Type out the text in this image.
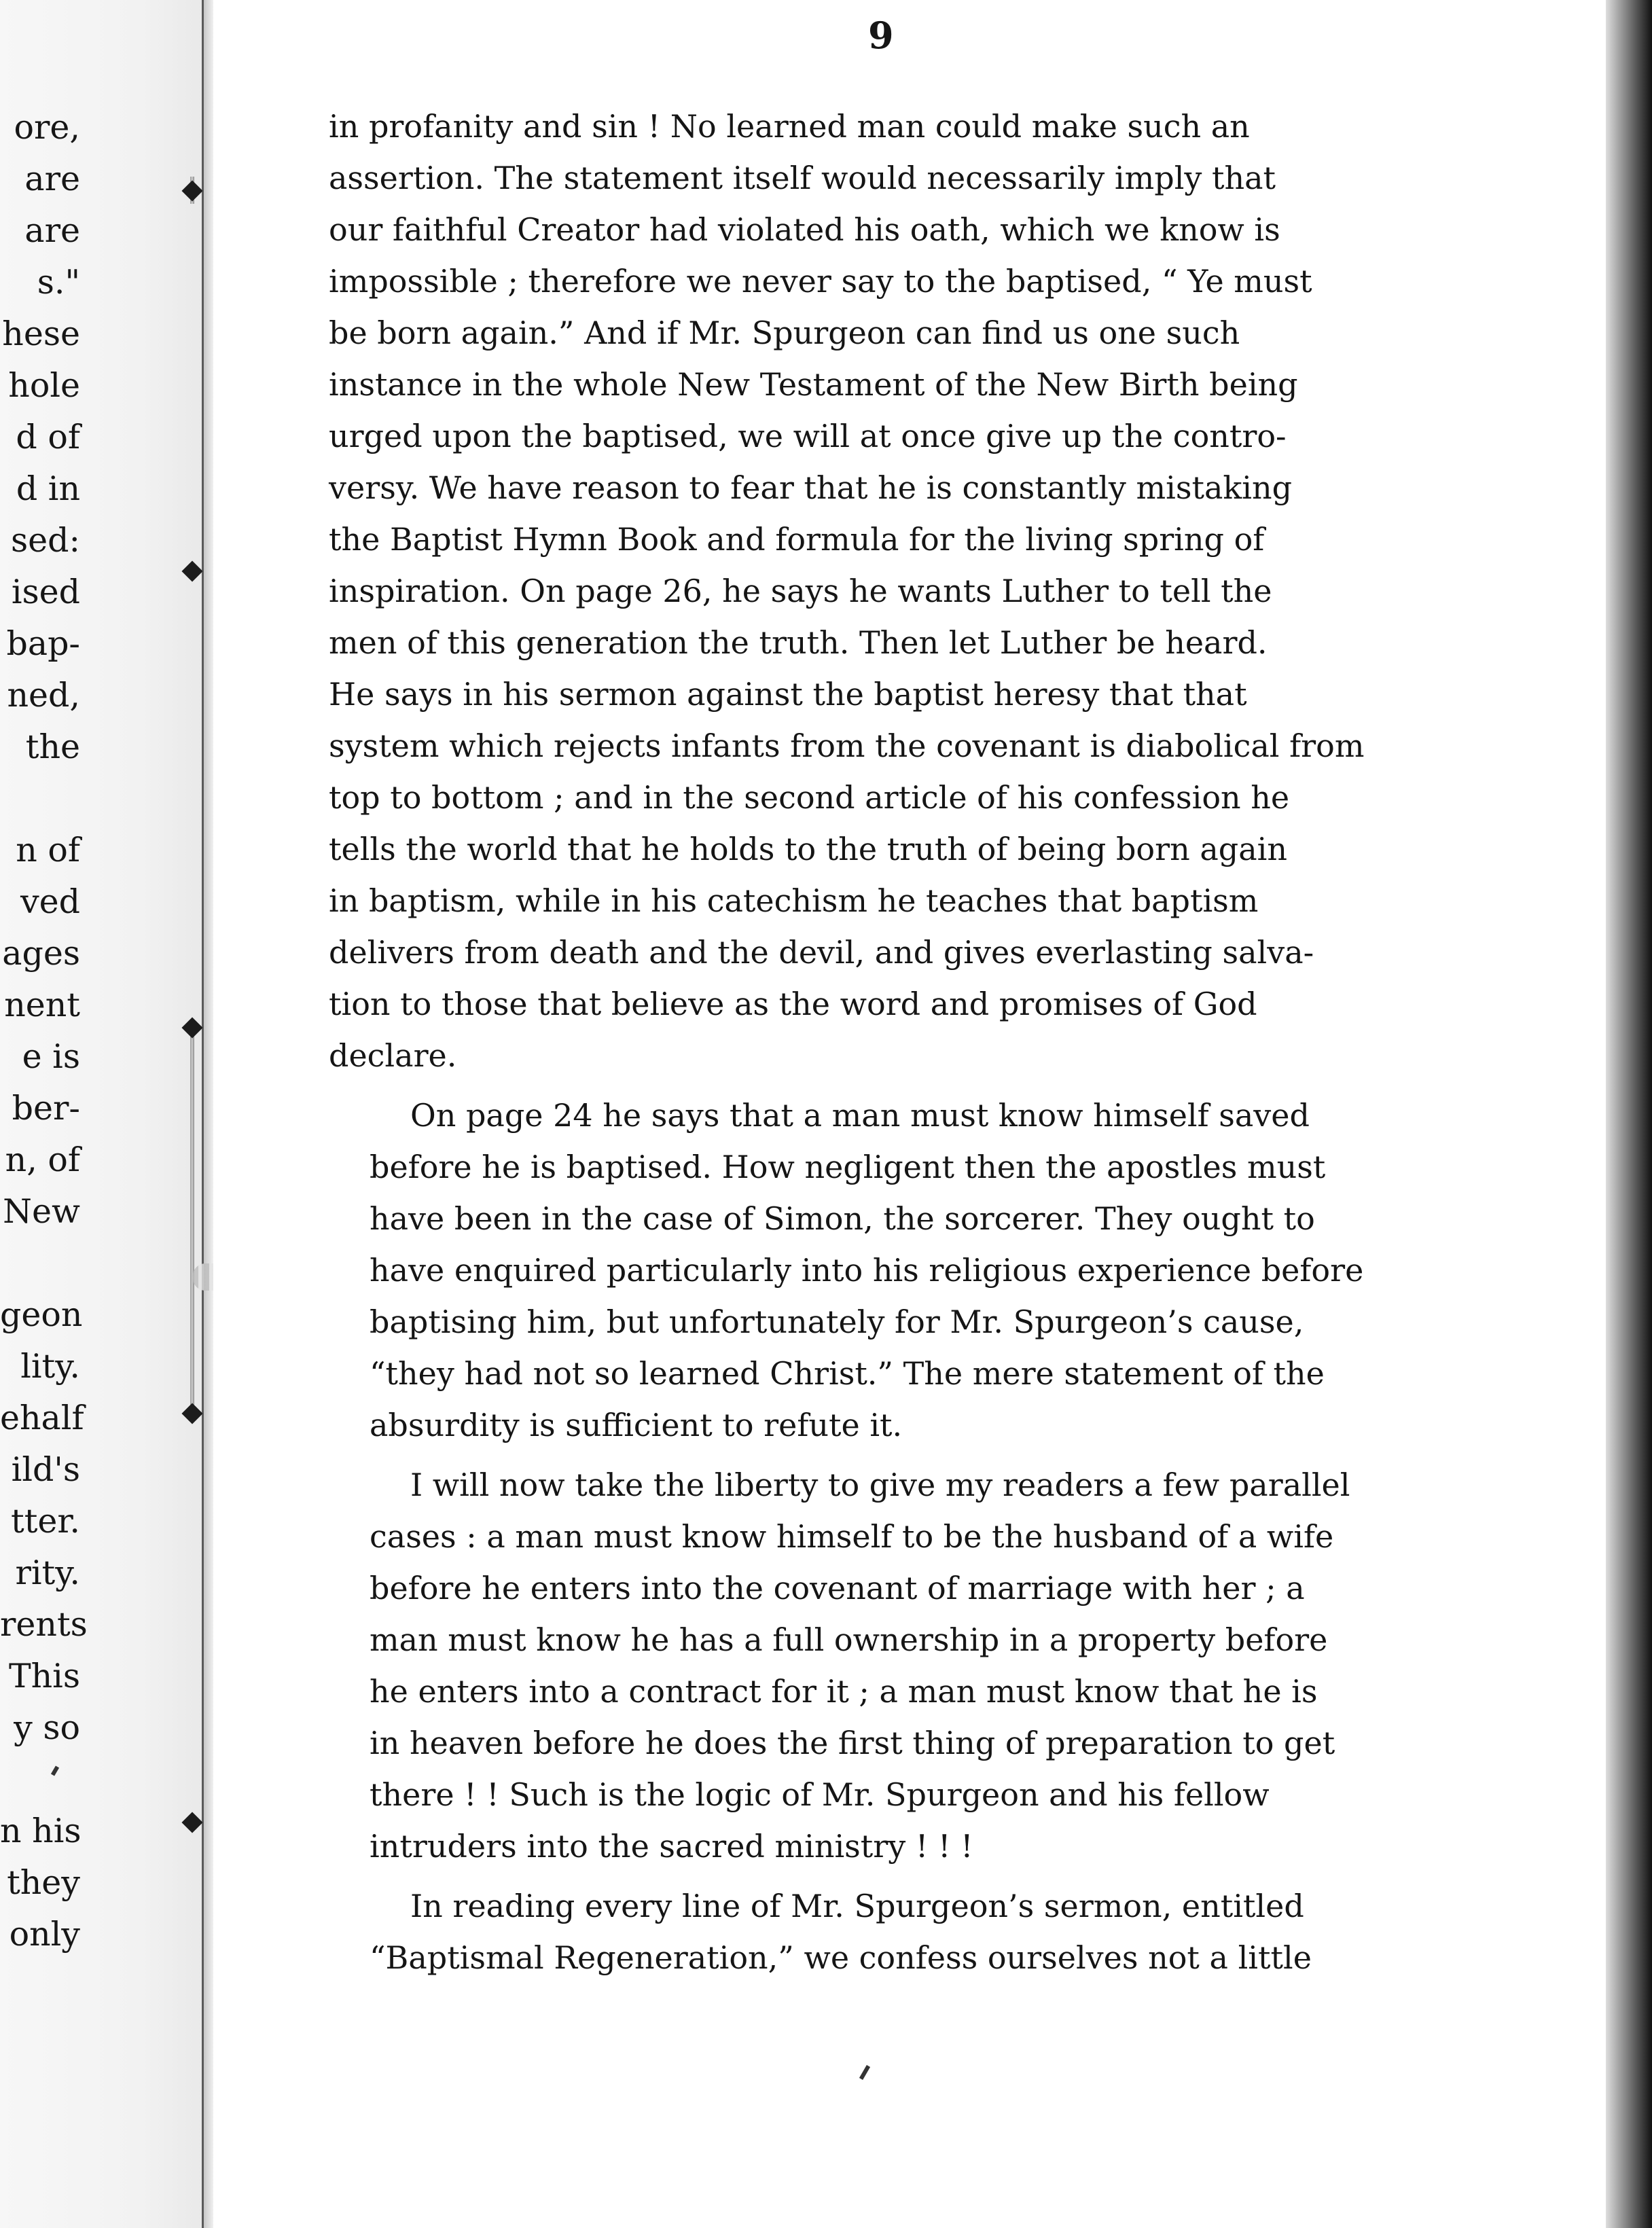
ore,
are
are
s."
hese
hole
d of
d in
sed:
ised
bap-
ned,
the
n of
ved
ages
nent
e is
ber-
n, of
New
geon
lity.
ehalf
ild's
tter.
rity.
rents
This
y so
n his
they
only
9
in profanity and sin ! No learned man could make such an
assertion. The statement itself would necessarily imply that
our faithful Creator had violated his oath, which we know is
impossible ; therefore we never say to the baptised, “ Ye must
be born again.” And if Mr. Spurgeon can find us one such
instance in the whole New Testament of the New Birth being
urged upon the baptised, we will at once give up the contro-
versy. We have reason to fear that he is constantly mistaking
the Baptist Hymn Book and formula for the living spring of
inspiration. On page 26, he says he wants Luther to tell the
men of this generation the truth. Then let Luther be heard.
He says in his sermon against the baptist heresy that that
system which rejects infants from the covenant is diabolical from
top to bottom ; and in the second article of his confession he
tells the world that he holds to the truth of being born again
in baptism, while in his catechism he teaches that baptism
delivers from death and the devil, and gives everlasting salva-
tion to those that believe as the word and promises of God
declare.
On page 24 he says that a man must know himself saved
before he is baptised. How negligent then the apostles must
have been in the case of Simon, the sorcerer. They ought to
have enquired particularly into his religious experience before
baptising him, but unfortunately for Mr. Spurgeon’s cause,
“they had not so learned Christ.” The mere statement of the
absurdity is sufficient to refute it.
I will now take the liberty to give my readers a few parallel
cases : a man must know himself to be the husband of a wife
before he enters into the covenant of marriage with her ; a
man must know he has a full ownership in a property before
he enters into a contract for it ; a man must know that he is
in heaven before he does the first thing of preparation to get
there ! ! Such is the logic of Mr. Spurgeon and his fellow
intruders into the sacred ministry ! ! !
In reading every line of Mr. Spurgeon’s sermon, entitled
“Baptismal Regeneration,” we confess ourselves not a little
